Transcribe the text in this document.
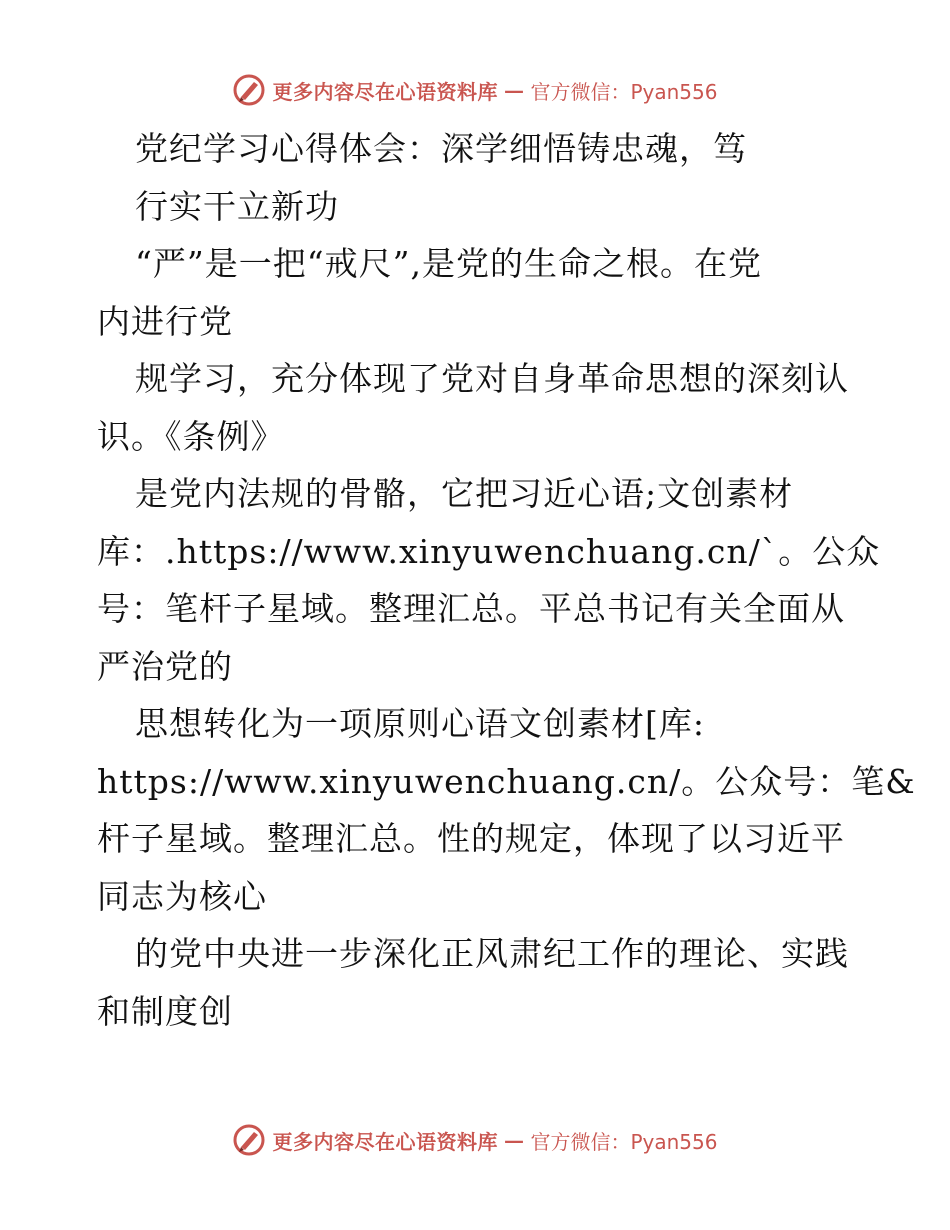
更多内容尽在心语资料库 — 官方微信：Pyan556
党纪学习心得体会：深学细悟铸忠魂，笃
行实干立新功
“严”是一把“戒尺”,是党的生命之根。在党
内进行党
规学习，充分体现了党对自身革命思想的深刻认
识。《条例》
是党内法规的骨骼，它把习近心语;文创素材
库：.https://www.xinyuwenchuang.cn/`。公众
号：笔杆子星域。整理汇总。平总书记有关全面从
严治党的
思想转化为一项原则心语文创素材[库:
https://www.xinyuwenchuang.cn/。公众号：笔&
杆子星域。整理汇总。性的规定，体现了以习近平
同志为核心
的党中央进一步深化正风肃纪工作的理论、实践
和制度创
更多内容尽在心语资料库 — 官方微信：Pyan556
